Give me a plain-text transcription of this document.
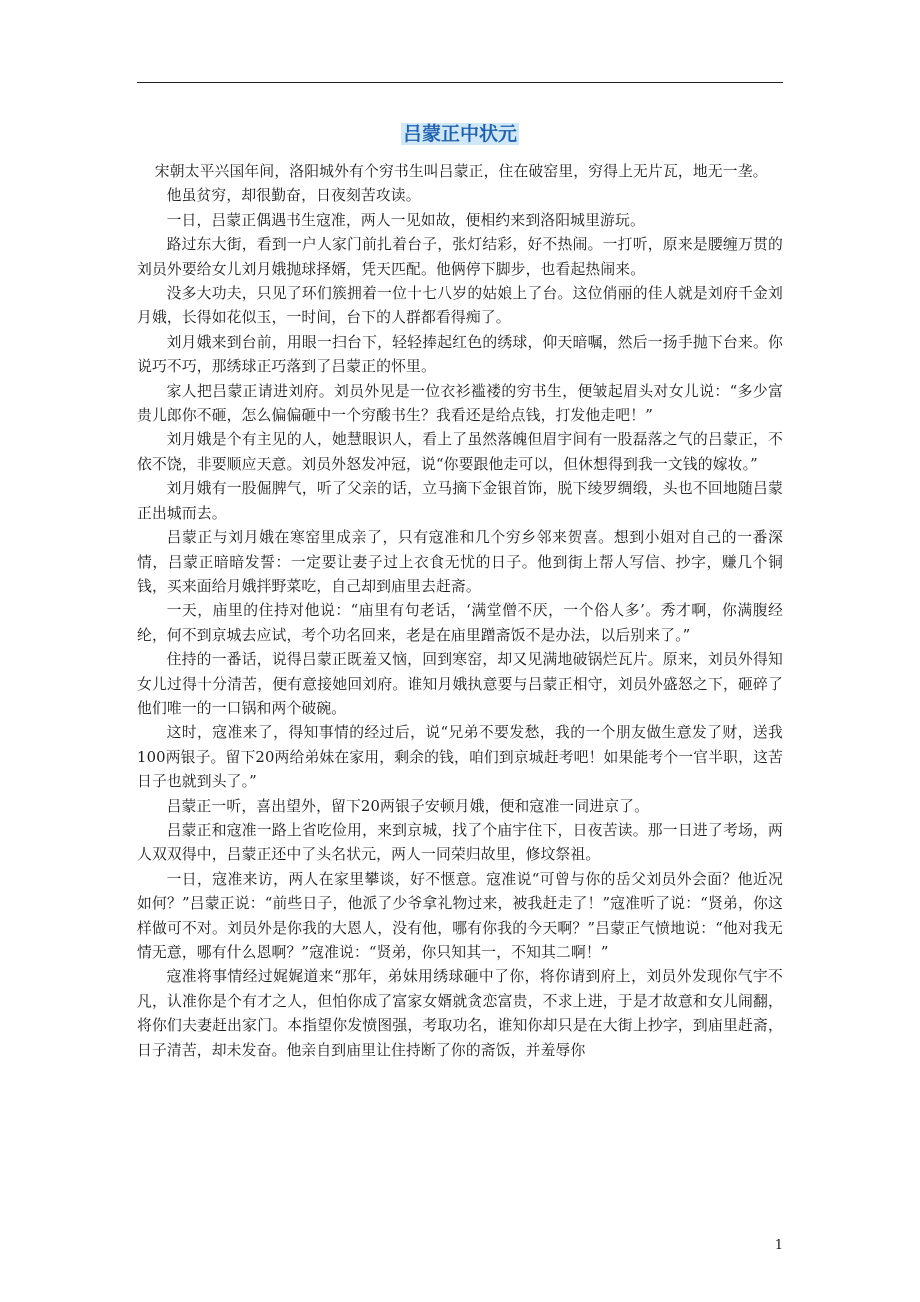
吕蒙正中状元

宋朝太平兴国年间，洛阳城外有个穷书生叫吕蒙正，住在破窑里，穷得上无片瓦，地无一垄。

他虽贫穷，却很勤奋，日夜刻苦攻读。

一日，吕蒙正偶遇书生寇准，两人一见如故，便相约来到洛阳城里游玩。

路过东大街，看到一户人家门前扎着台子，张灯结彩，好不热闹。一打听，原来是腰缠万贯的刘员外要给女儿刘月娥抛球择婿，凭天匹配。他俩停下脚步，也看起热闹来。

没多大功夫，只见了环们簇拥着一位十七八岁的姑娘上了台。这位俏丽的佳人就是刘府千金刘月娥，长得如花似玉，一时间，台下的人群都看得痴了。

刘月娥来到台前，用眼一扫台下，轻轻捧起红色的绣球，仰天暗嘱，然后一扬手抛下台来。你说巧不巧，那绣球正巧落到了吕蒙正的怀里。

家人把吕蒙正请进刘府。刘员外见是一位衣衫褴褛的穷书生，便皱起眉头对女儿说：“多少富贵儿郎你不砸，怎么偏偏砸中一个穷酸书生？我看还是给点钱，打发他走吧！”

刘月娥是个有主见的人，她慧眼识人，看上了虽然落魄但眉宇间有一股磊落之气的吕蒙正，不依不饶，非要顺应天意。刘员外怒发冲冠，说“你要跟他走可以，但休想得到我一文钱的嫁妆。”

刘月娥有一股倔脾气，听了父亲的话，立马摘下金银首饰，脱下绫罗绸缎，头也不回地随吕蒙正出城而去。

吕蒙正与刘月娥在寒窑里成亲了，只有寇准和几个穷乡邻来贺喜。想到小姐对自己的一番深情，吕蒙正暗暗发誓：一定要让妻子过上衣食无忧的日子。他到街上帮人写信、抄字，赚几个铜钱，买来面给月娥拌野菜吃，自己却到庙里去赶斋。

一天，庙里的住持对他说：“庙里有句老话，‘满堂僧不厌，一个俗人多’。秀才啊，你满腹经纶，何不到京城去应试，考个功名回来，老是在庙里蹭斋饭不是办法，以后别来了。”

住持的一番话，说得吕蒙正既羞又恼，回到寒窑，却又见满地破锅烂瓦片。原来，刘员外得知女儿过得十分清苦，便有意接她回刘府。谁知月娥执意要与吕蒙正相守，刘员外盛怒之下，砸碎了他们唯一的一口锅和两个破碗。

这时，寇准来了，得知事情的经过后，说“兄弟不要发愁，我的一个朋友做生意发了财，送我100两银子。留下20两给弟妹在家用，剩余的钱，咱们到京城赶考吧！如果能考个一官半职，这苦日子也就到头了。”

吕蒙正一听，喜出望外，留下20两银子安顿月娥，便和寇准一同进京了。

吕蒙正和寇准一路上省吃俭用，来到京城，找了个庙宇住下，日夜苦读。那一日进了考场，两人双双得中，吕蒙正还中了头名状元，两人一同荣归故里，修坟祭祖。

一日，寇准来访，两人在家里攀谈，好不惬意。寇准说“可曾与你的岳父刘员外会面？他近况如何？”吕蒙正说：“前些日子，他派了少爷拿礼物过来，被我赶走了！”寇准听了说：“贤弟，你这样做可不对。刘员外是你我的大恩人，没有他，哪有你我的今天啊？”吕蒙正气愤地说：“他对我无情无意，哪有什么恩啊？”寇准说：“贤弟，你只知其一，不知其二啊！”

寇准将事情经过娓娓道来“那年，弟妹用绣球砸中了你，将你请到府上，刘员外发现你气宇不凡，认准你是个有才之人，但怕你成了富家女婿就贪恋富贵，不求上进，于是才故意和女儿闹翻，将你们夫妻赶出家门。本指望你发愤图强，考取功名，谁知你却只是在大街上抄字，到庙里赶斋，日子清苦，却未发奋。他亲自到庙里让住持断了你的斋饭，并羞辱你

1
